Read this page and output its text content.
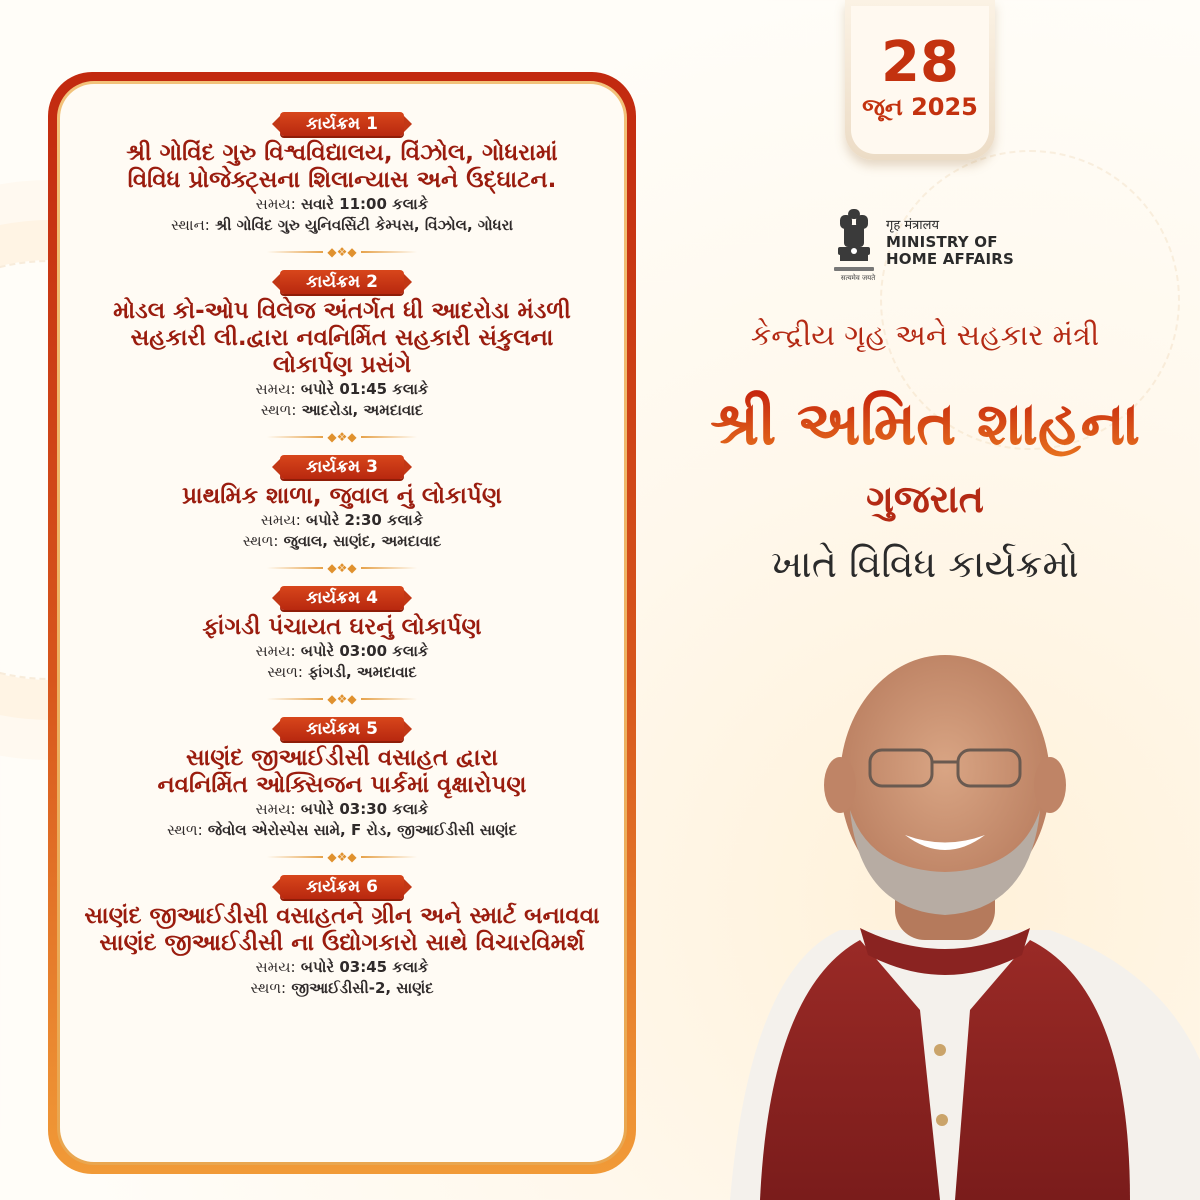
કાર્યક્રમ 1
શ્રી ગોવિંદ ગુરુ વિશ્વવિદ્યાલય, વિંઝોલ, ગોધરામાં
વિવિધ પ્રોજેક્ટ્સના શિલાન્યાસ અને ઉદ્ઘાટન.
સમય: સવારે 11:00 કલાકે
સ્થાન: શ્રી ગોવિંદ ગુરુ યુનિવર્સિટી કેમ્પસ, વિંઝોલ, ગોધરા
◆❖◆
કાર્યક્રમ 2
મોડલ કો-ઓપ વિલેજ અંતર્ગત ધી આદરોડા મંડળી
સહકારી લી.દ્વારા નવનિર્મિત સહકારી સંકુલના
લોકાર્પણ પ્રસંગે
સમય: બપોરે 01:45 કલાકે
સ્થળ: આદરોડા, અમદાવાદ
◆❖◆
કાર્યક્રમ 3
પ્રાથમિક શાળા, જુવાલ નું લોકાર્પણ
સમય: બપોરે 2:30 કલાકે
સ્થળ: જુવાલ, સાણંદ, અમદાવાદ
◆❖◆
કાર્યક્રમ 4
ફાંગડી પંચાયત ઘરનું લોકાર્પણ
સમય: બપોરે 03:00 કલાકે
સ્થળ: ફાંગડી, અમદાવાદ
◆❖◆
કાર્યક્રમ 5
સાણંદ જીઆઈડીસી વસાહત દ્વારા
નવનિર્મિત ઓક્સિજન પાર્કમાં વૃક્ષારોપણ
સમય: બપોરે 03:30 કલાકે
સ્થળ: જેવોલ એરોસ્પેસ સામે, F રોડ, જીઆઈડીસી સાણંદ
◆❖◆
કાર્યક્રમ 6
સાણંદ જીઆઈડીસી વસાહતને ગ્રીન અને સ્માર્ટ બનાવવા
સાણંદ જીઆઈડીસી ના ઉદ્યોગકારો સાથે વિચારવિમર્શ
સમય: બપોરે 03:45 કલાકે
સ્થળ: જીઆઈડીસી-2, સાણંદ
28
જૂન 2025
गृह मंत्रालय
MINISTRY OF
HOME AFFAIRS
सत्यमेव जयते
કેન્દ્રીય ગૃહ અને સહકાર મંત્રી
શ્રી અમિત શાહના
ગુજરાત
ખાતે વિવિધ કાર્યક્રમો
